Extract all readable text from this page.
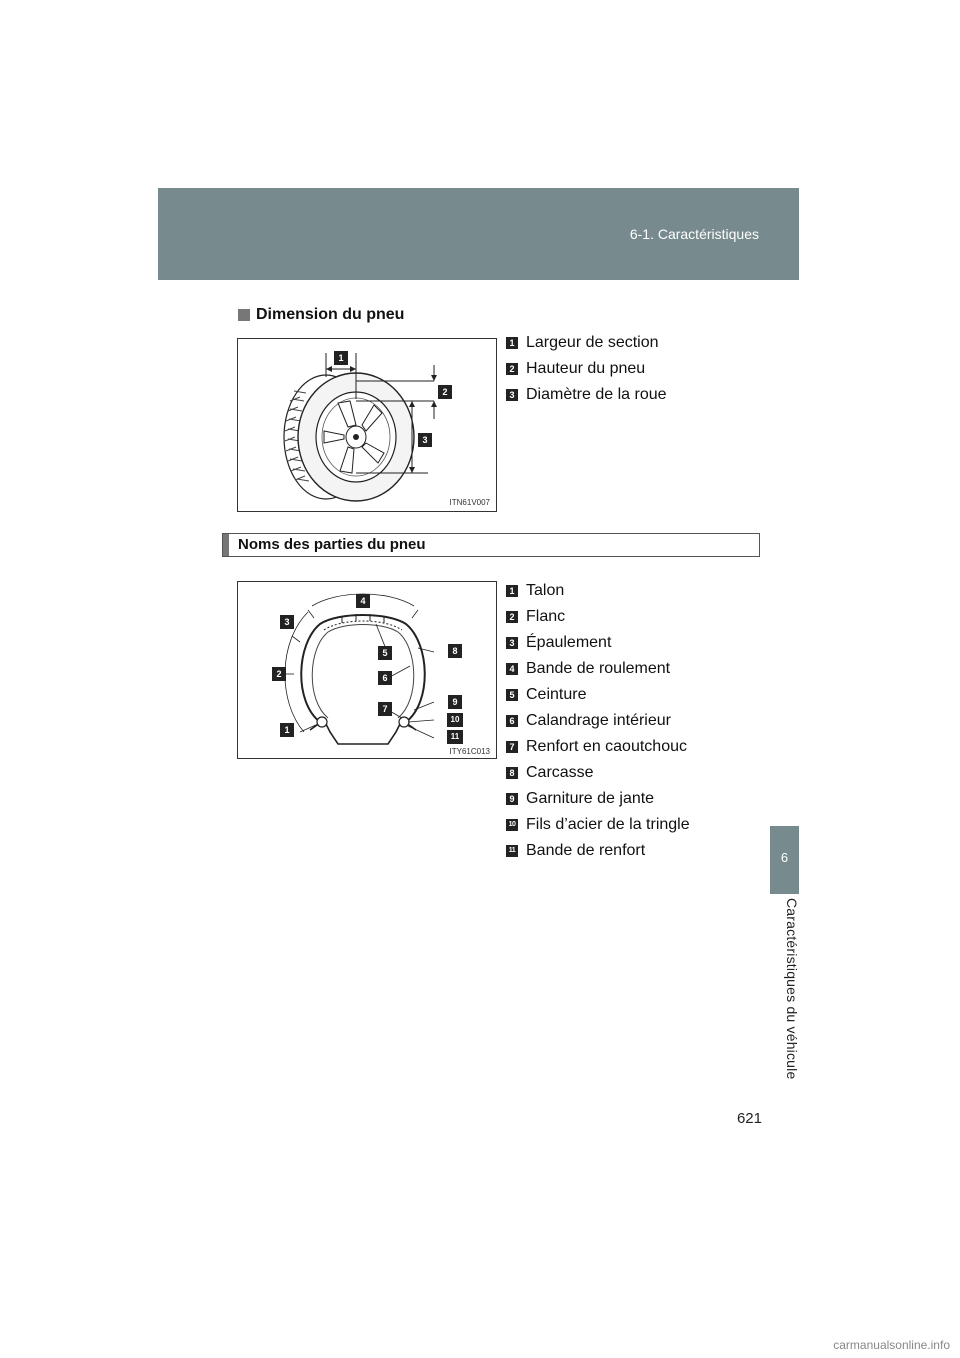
6-1. Caractéristiques
6
Caractéristiques du véhicule
Dimension du pneu
1
2
3
ITN61V007
1 Largeur de section
2 Hauteur du pneu
3 Diamètre de la roue
Noms des parties du pneu
4
3
5	8
2	6
9
7
10
1
11
ITY61C013
1 Talon
2 Flanc
3 Épaulement
4 Bande de roulement
5 Ceinture
6 Calandrage intérieur
7 Renfort en caoutchouc
8 Carcasse
9 Garniture de jante
10 Fils d’acier de la tringle
11 Bande de renfort
621
carmanualsonline.info
